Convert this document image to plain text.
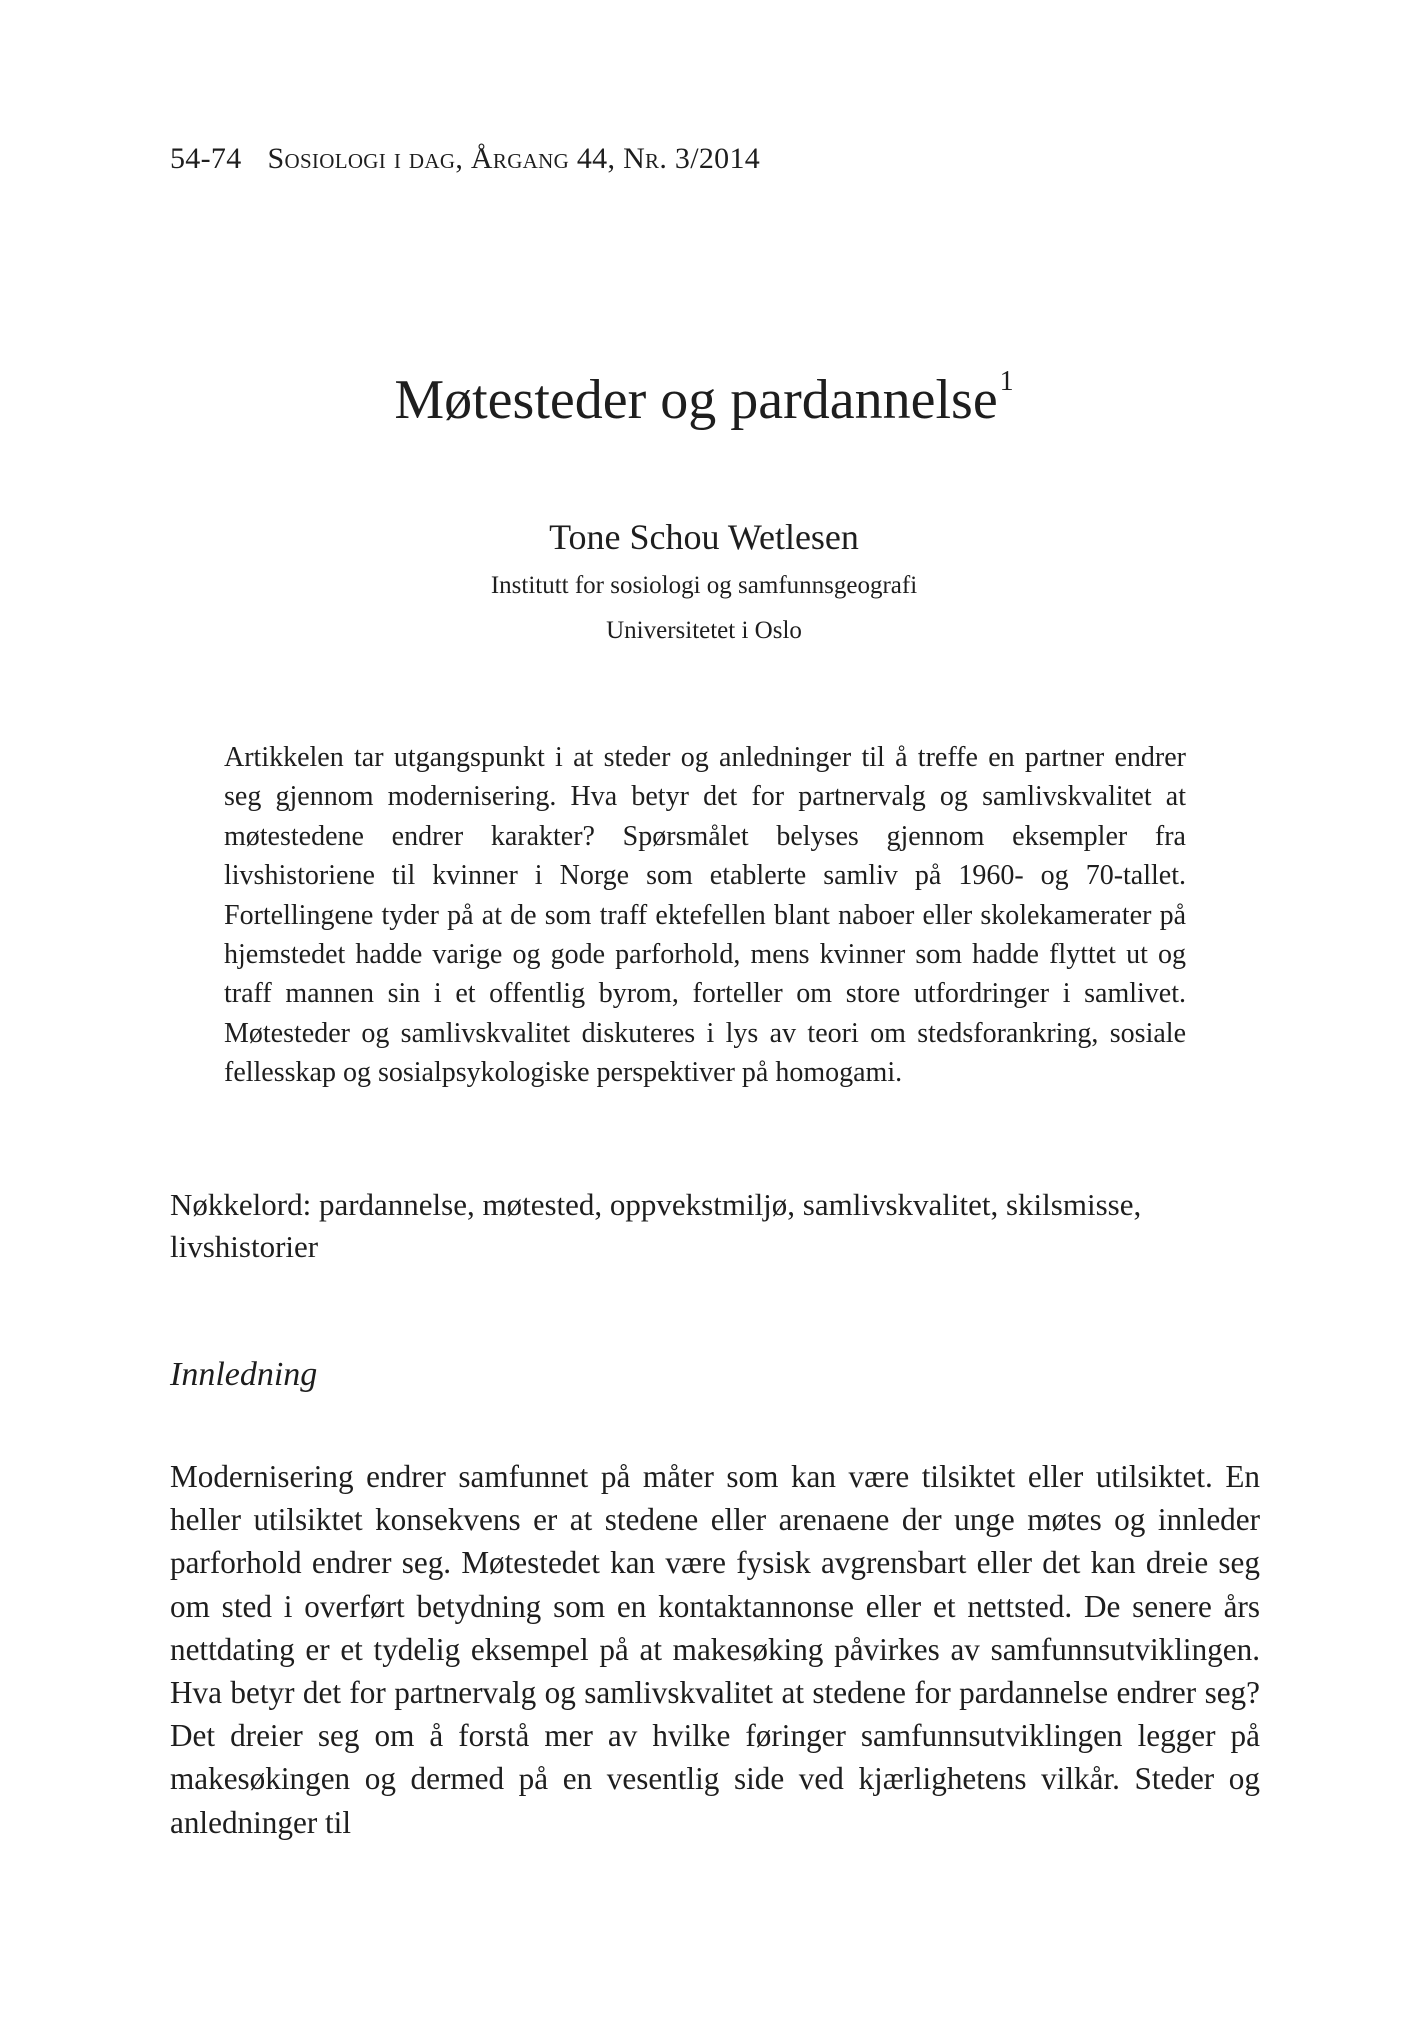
54-74 Sosiologi i dag, Årgang 44, Nr. 3/2014
Møtesteder og pardannelse$^1$
Tone Schou Wetlesen
Institutt for sosiologi og samfunnsgeografi
Universitetet i Oslo
Artikkelen tar utgangspunkt i at steder og anledninger til å treffe en partner endrer seg gjennom modernisering. Hva betyr det for partnervalg og samlivskvalitet at møtestedene endrer karakter? Spørsmålet belyses gjennom eksempler fra livshistoriene til kvinner i Norge som etablerte samliv på 1960- og 70-tallet. Fortellingene tyder på at de som traff ektefellen blant naboer eller skolekamerater på hjemstedet hadde varige og gode parforhold, mens kvinner som hadde flyttet ut og traff mannen sin i et offentlig byrom, forteller om store utfordringer i samlivet. Møtesteder og samlivskvalitet diskuteres i lys av teori om stedsforankring, sosiale fellesskap og sosialpsykologiske perspektiver på homogami.
Nøkkelord: pardannelse, møtested, oppvekstmiljø, samlivskvalitet, skilsmisse, livshistorier
Innledning
Modernisering endrer samfunnet på måter som kan være tilsiktet eller utilsiktet. En heller utilsiktet konsekvens er at stedene eller arenaene der unge møtes og innleder parforhold endrer seg. Møtestedet kan være fysisk avgrensbart eller det kan dreie seg om sted i overført betydning som en kontaktannonse eller et nettsted. De senere års nettdating er et tydelig eksempel på at makesøking påvirkes av samfunnsutviklingen. Hva betyr det for partnervalg og samlivskvalitet at stedene for pardannelse endrer seg? Det dreier seg om å forstå mer av hvilke føringer samfunnsutviklingen legger på makesøkingen og dermed på en vesentlig side ved kjærlighetens vilkår. Steder og anledninger til
